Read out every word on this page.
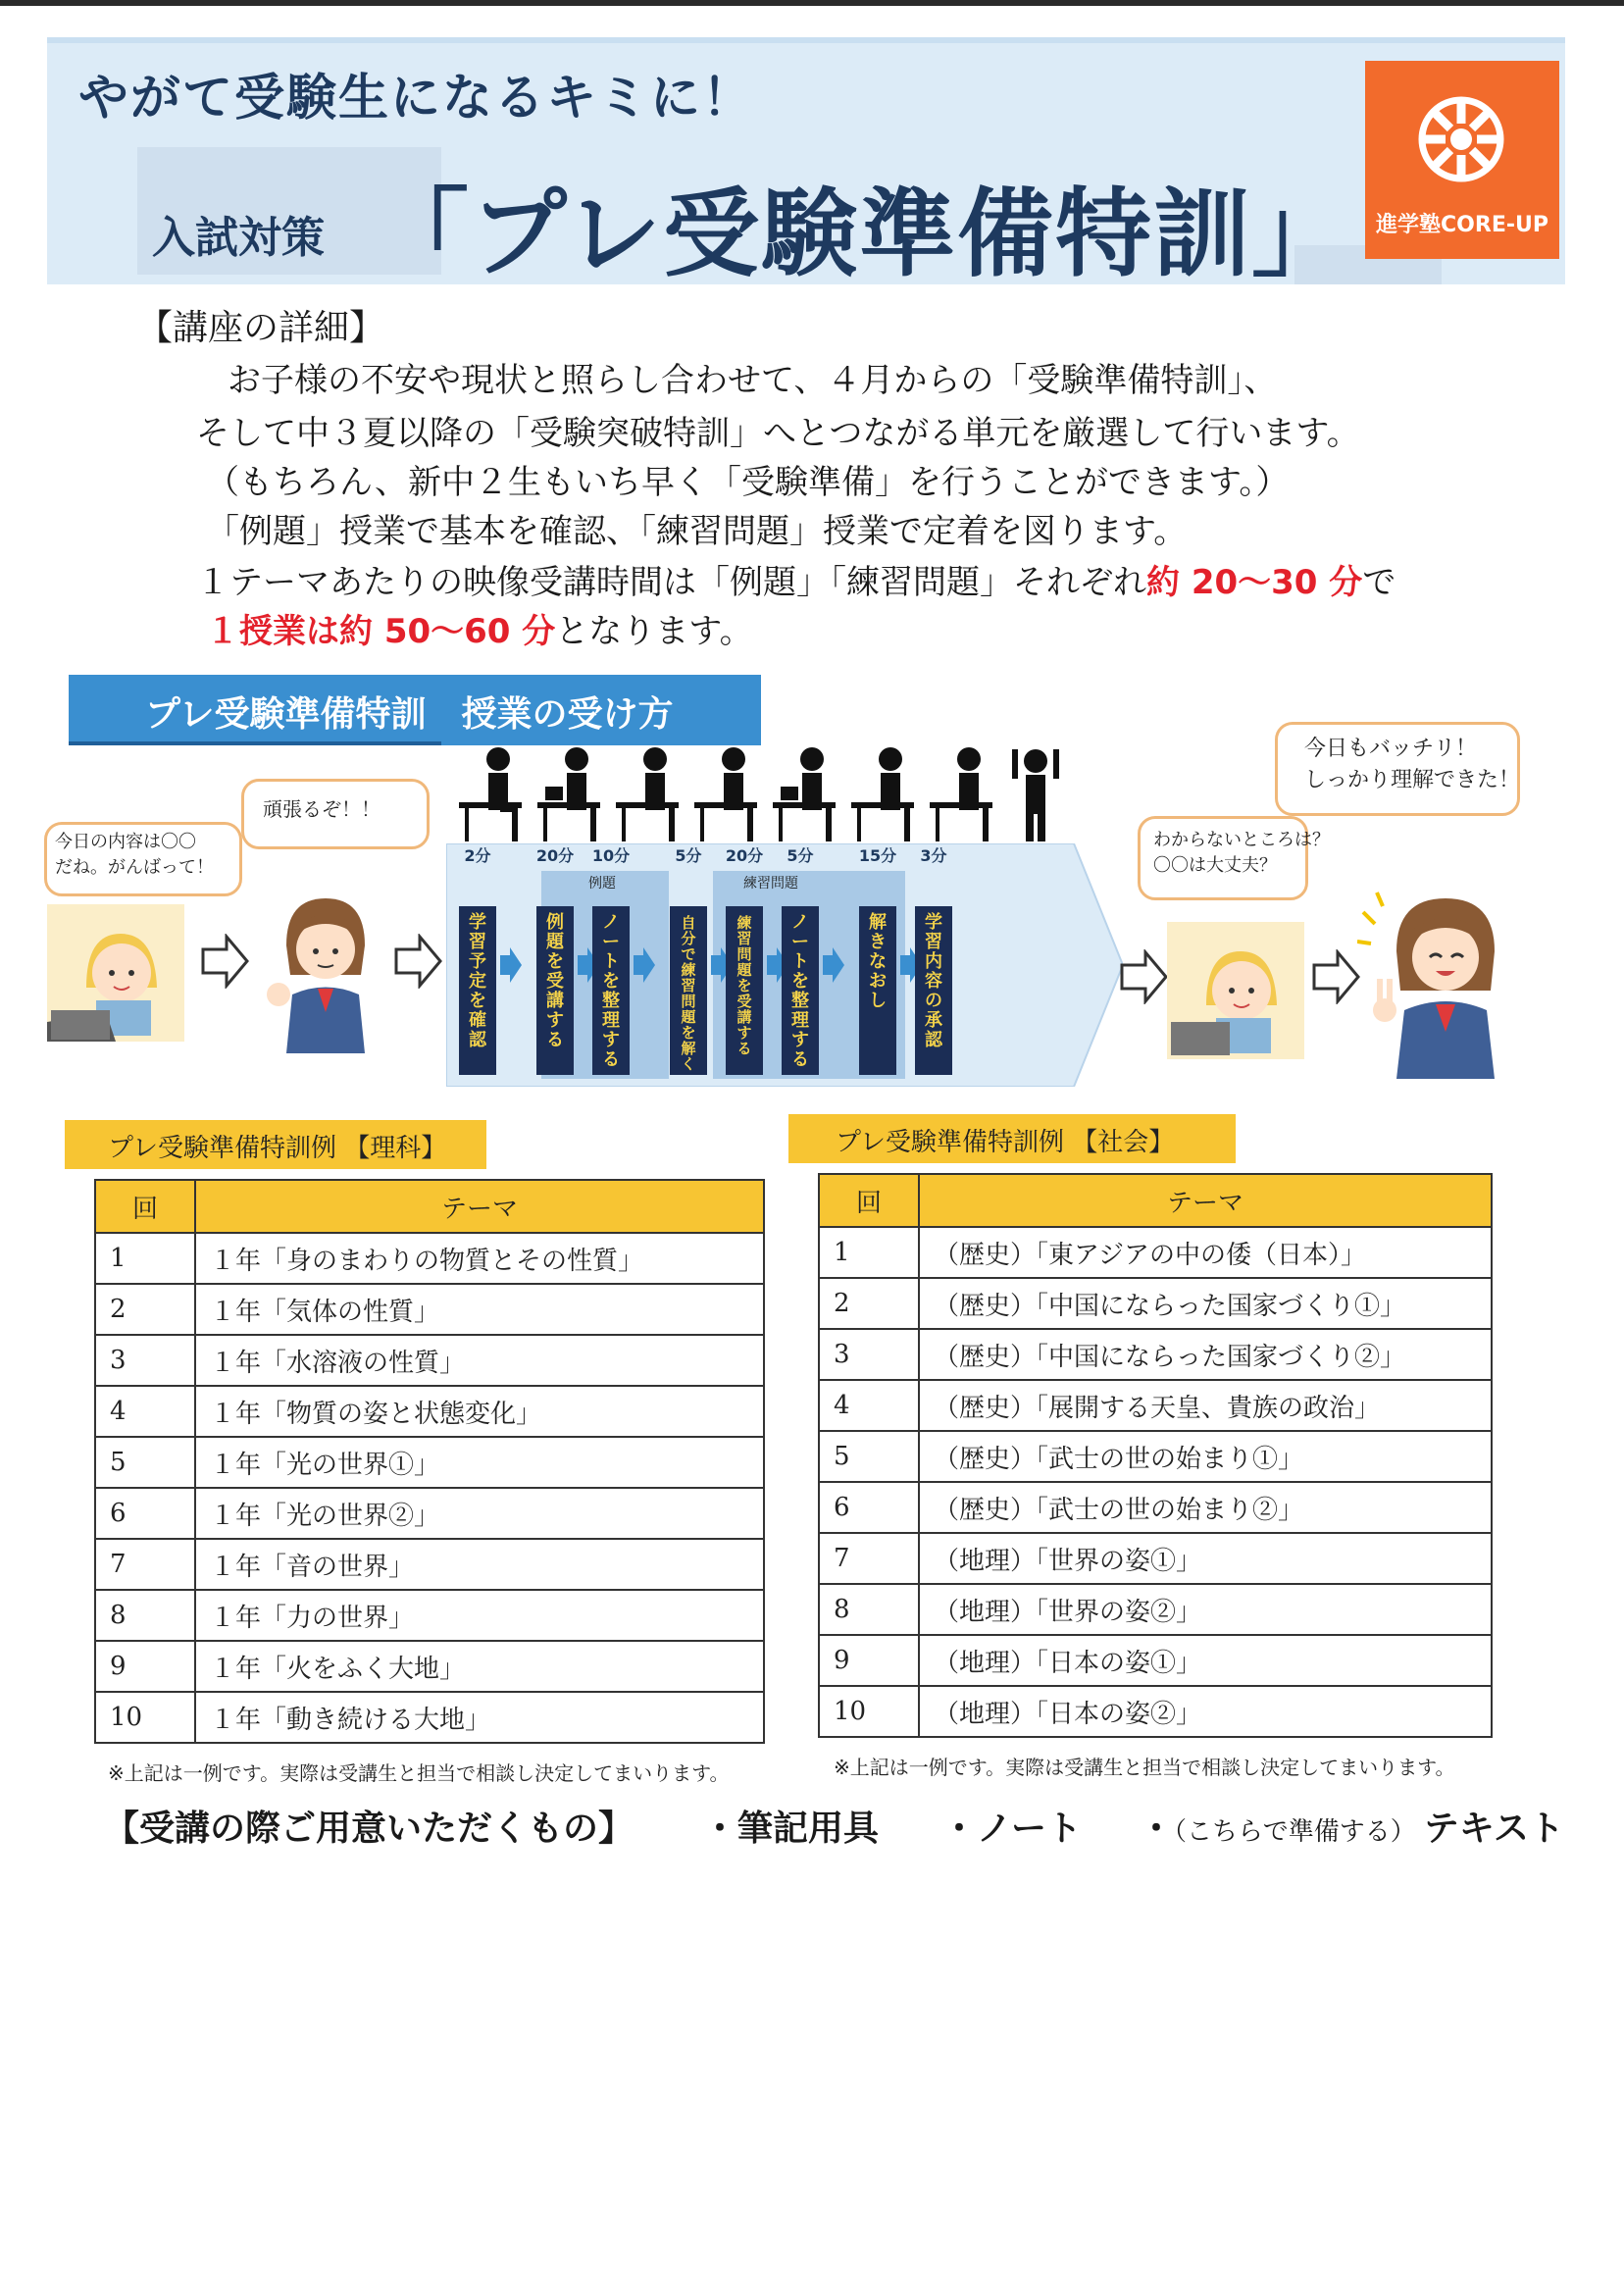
やがて受験生になるキミに！
入試対策 「プレ受験準備特訓」	進学塾CORE-UP
【講座の詳細】
お子様の不安や現状と照らし合わせて、４月からの「受験準備特訓」、
そして中３夏以降の「受験突破特訓」へとつながる単元を厳選して行います。
（もちろん、新中２生もいち早く「受験準備」を行うことができます。）
「例題」授業で基本を確認、「練習問題」授業で定着を図ります。
１テーマあたりの映像受講時間は「例題」「練習問題」それぞれ約 20〜30 分で
１授業は約 50〜60 分となります。
プレ受験準備特訓　授業の受け方
今日の内容は〇〇
だね。がんばって！
頑張るぞ！！
2分
学習予定を確認
20分
例題を受講する
10分
ノートを整理する
5分
自分で練習問題を解く
20分
練習問題を受講する
5分
ノートを整理する
15分
解きなおし
3分
学習内容の承認
例題	練習問題
わからないところは？
〇〇は大丈夫？
今日もバッチリ！
しっかり理解できた！
プレ受験準備特訓例 【理科】
回	テーマ
1	１年「身のまわりの物質とその性質」
2	１年「気体の性質」
3	１年「水溶液の性質」
4	１年「物質の姿と状態変化」
5	１年「光の世界①」
6	１年「光の世界②」
7	１年「音の世界」
8	１年「力の世界」
9	１年「火をふく大地」
10	１年「動き続ける大地」
※上記は一例です。実際は受講生と担当で相談し決定してまいります。
プレ受験準備特訓例 【社会】
回	テーマ
1	（歴史）「東アジアの中の倭（日本）」
2	（歴史）「中国にならった国家づくり①」
3	（歴史）「中国にならった国家づくり②」
4	（歴史）「展開する天皇、貴族の政治」
5	（歴史）「武士の世の始まり①」
6	（歴史）「武士の世の始まり②」
7	（地理）「世界の姿①」
8	（地理）「世界の姿②」
9	（地理）「日本の姿①」
10	（地理）「日本の姿②」
※上記は一例です。実際は受講生と担当で相談し決定してまいります。
【受講の際ご用意いただくもの】 ・筆記用具 ・ノート ・（こちらで準備する） テキスト
